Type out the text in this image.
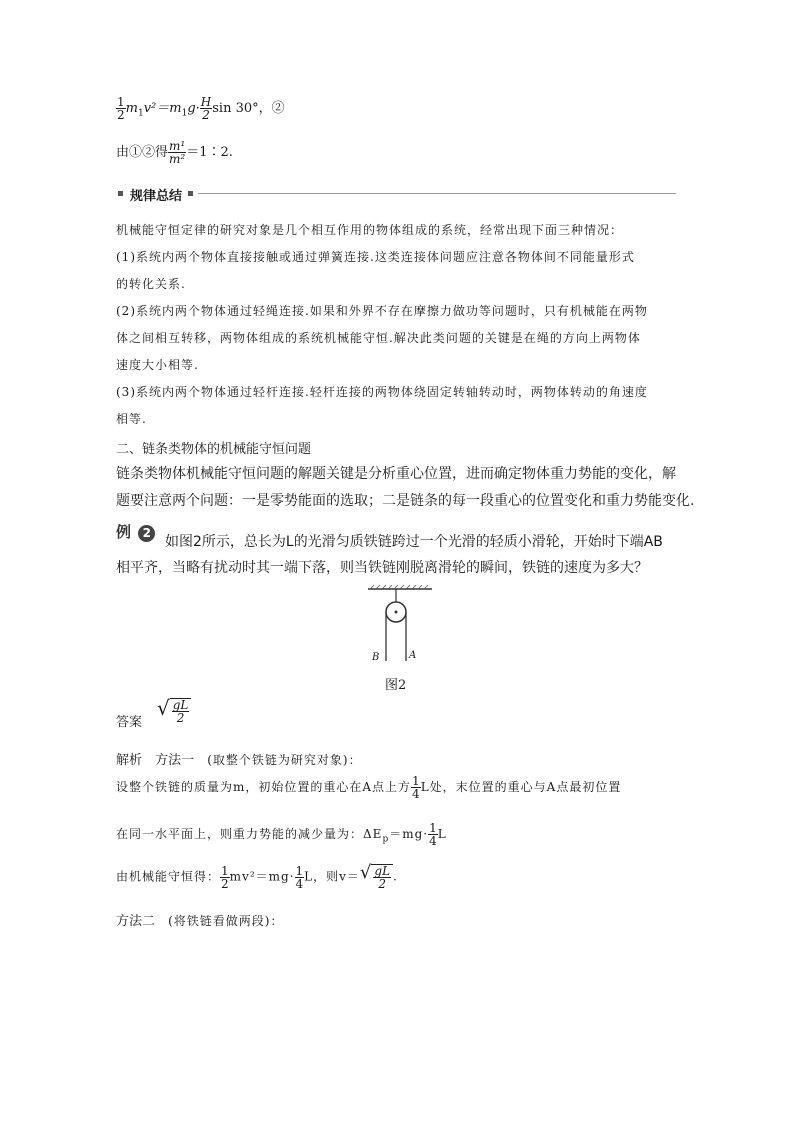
$\frac{1}{2} m_1v^2=m_1g\cdot \frac{H}{2}$ sin 30°，②
由①②得 $\frac{\text{m¹}}{\text{m²}}$ ＝1∶2.
规律总结
机械能守恒定律的研究对象是几个相互作用的物体组成的系统，经常出现下面三种情况：
(1)系统内两个物体直接接触或通过弹簧连接.这类连接体问题应注意各物体间不同能量形式
的转化关系.
(2)系统内两个物体通过轻绳连接.如果和外界不存在摩擦力做功等问题时，只有机械能在两物
体之间相互转移，两物体组成的系统机械能守恒.解决此类问题的关键是在绳的方向上两物体
速度大小相等.
(3)系统内两个物体通过轻杆连接.轻杆连接的两物体绕固定转轴转动时，两物体转动的角速度
相等.
二、链条类物体的机械能守恒问题
链条类物体机械能守恒问题的解题关键是分析重心位置，进而确定物体重力势能的变化，解
题要注意两个问题：一是零势能面的选取；二是链条的每一段重心的位置变化和重力势能变化.
例 2
如图2所示，总长为L的光滑匀质铁链跨过一个光滑的轻质小滑轮，开始时下端AB
相平齐，当略有扰动时其一端下落，则当铁链刚脱离滑轮的瞬间，铁链的速度为多大？
B	A
图2
答案
√ $\frac{gL}{2}$
解析 方法一 (取整个铁链为研究对象)：
设整个铁链的质量为m，初始位置的重心在A点上方 $\frac{1}{4}$ L处，末位置的重心与A点最初位置
在同一水平面上，则重力势能的减少量为：$\Delta E_p=mg\cdot \frac{1}{4}$ L
由机械能守恒得： $\frac{1}{2} mv^2=mg\cdot \frac{1}{4}$ L，则v＝ √ $\frac{gL}{2}$ .
方法二 (将铁链看做两段)：
